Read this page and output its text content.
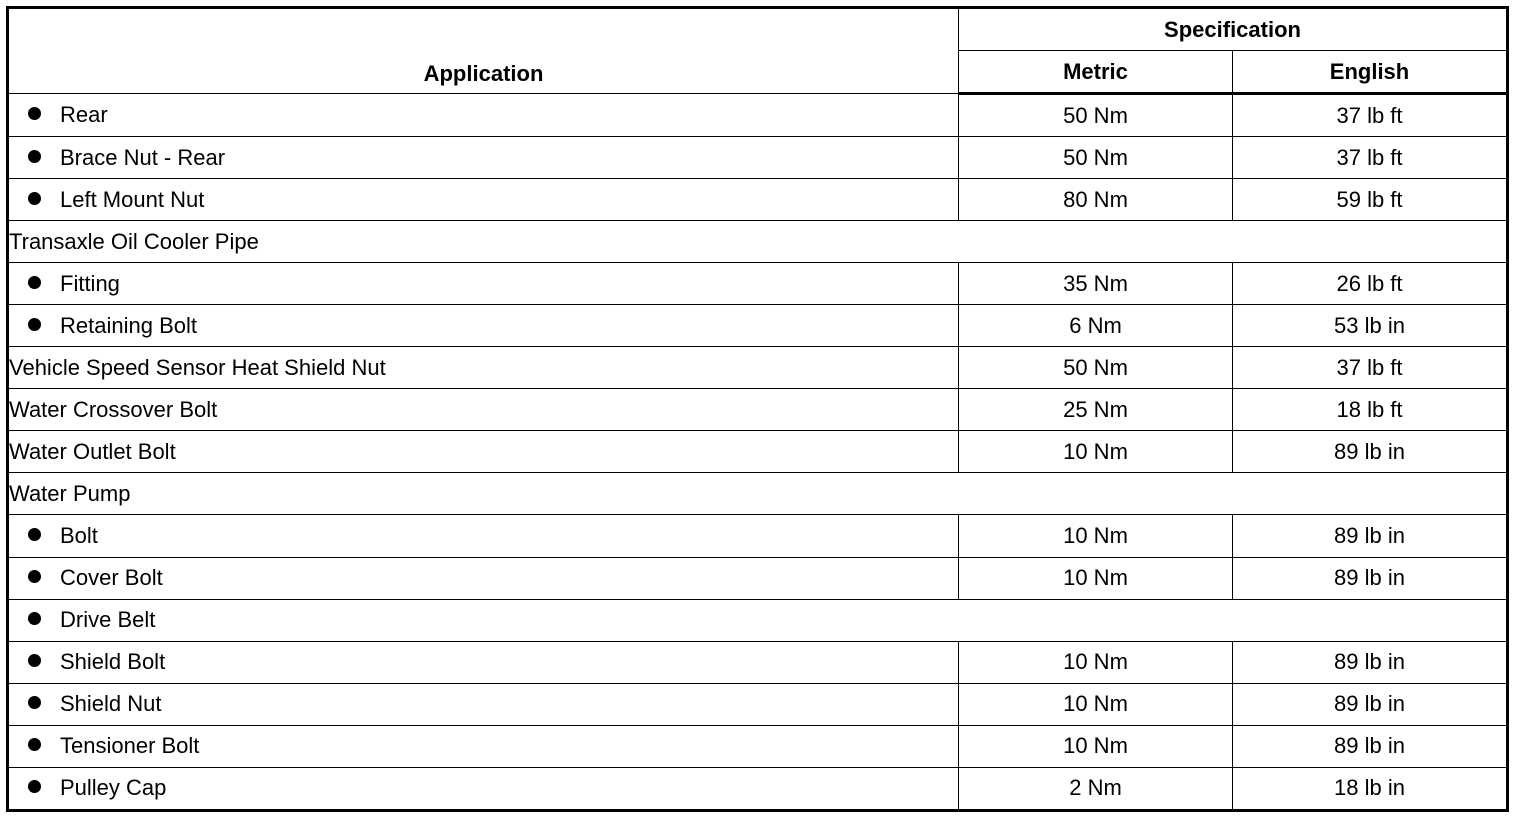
Application	Specification	
	Metric	English
Rear	50 Nm	37 lb ft
Brace Nut - Rear	50 Nm	37 lb ft
Left Mount Nut	80 Nm	59 lb ft
Transaxle Oil Cooler Pipe		
Fitting	35 Nm	26 lb ft
Retaining Bolt	6 Nm	53 lb in
Vehicle Speed Sensor Heat Shield Nut	50 Nm	37 lb ft
Water Crossover Bolt	25 Nm	18 lb ft
Water Outlet Bolt	10 Nm	89 lb in
Water Pump		
Bolt	10 Nm	89 lb in
Cover Bolt	10 Nm	89 lb in
Drive Belt		
Shield Bolt	10 Nm	89 lb in
Shield Nut	10 Nm	89 lb in
Tensioner Bolt	10 Nm	89 lb in
Pulley Cap	2 Nm	18 lb in
